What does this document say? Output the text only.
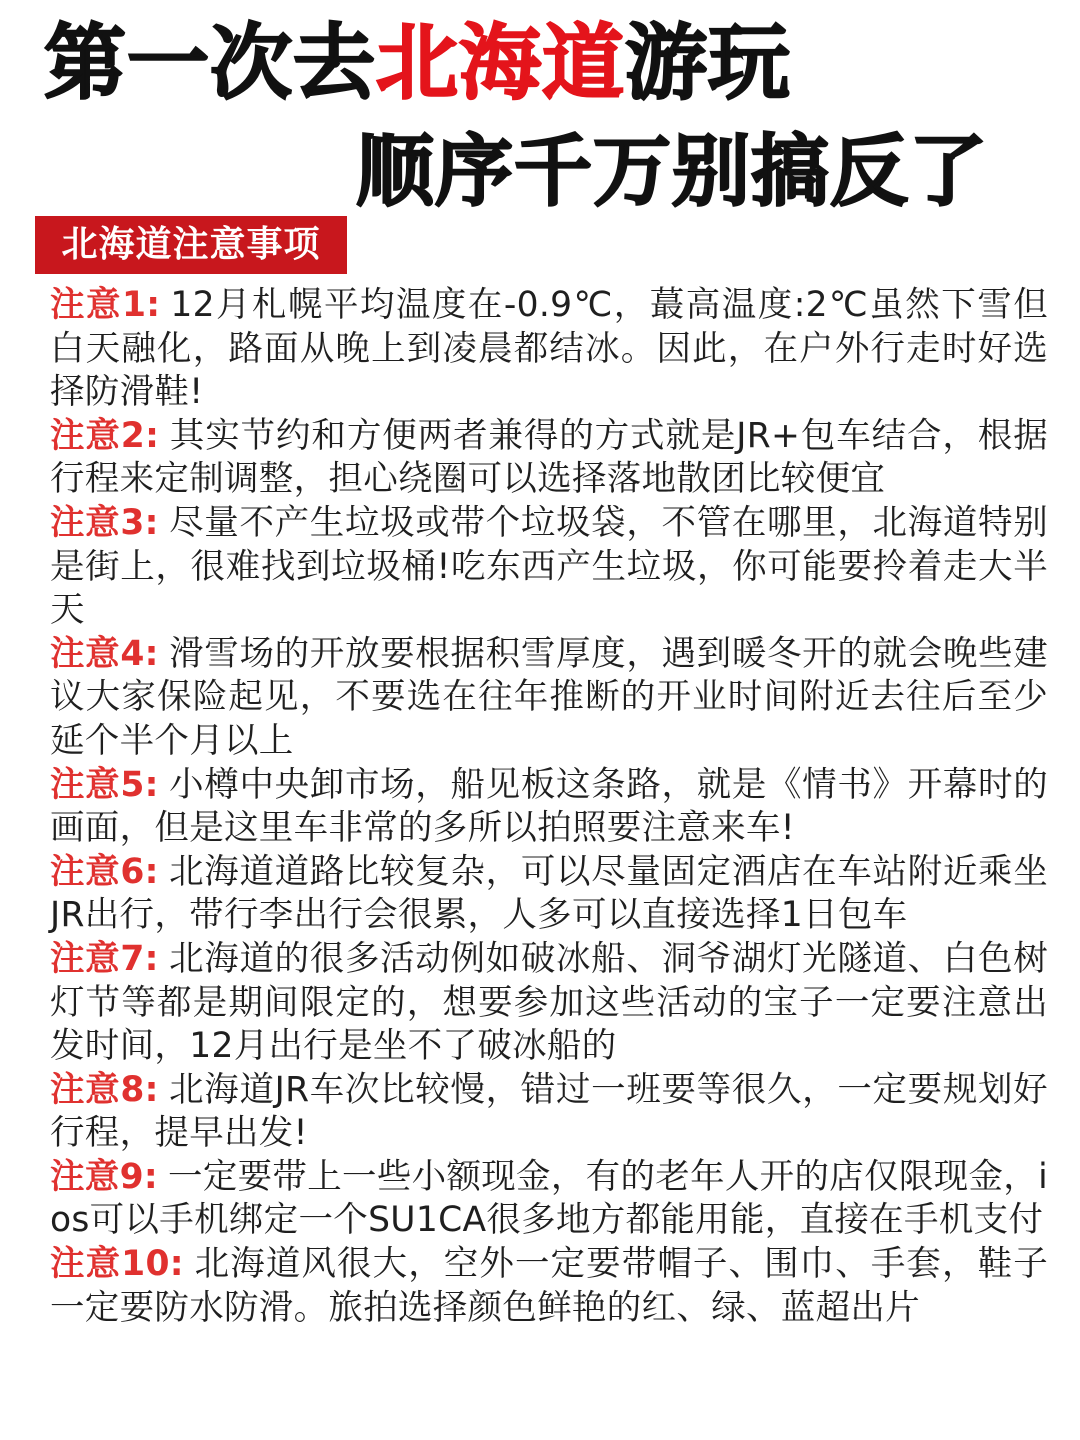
第一次去北海道游玩
顺序千万别搞反了
北海道注意事项
注意1: 12月札幌平均温度在-0.9℃，蕞高温度:2℃虽然下雪但白天融化，路面从晚上到凌晨都结冰。因此，在户外行走时好选择防滑鞋!
注意2: 其实节约和方便两者兼得的方式就是JR+包车结合，根据行程来定制调整，担心绕圈可以选择落地散团比较便宜
注意3: 尽量不产生垃圾或带个垃圾袋，不管在哪里，北海道特别是街上，很难找到垃圾桶!吃东西产生垃圾，你可能要拎着走大半天
注意4: 滑雪场的开放要根据积雪厚度，遇到暖冬开的就会晚些建议大家保险起见，不要选在往年推断的开业时间附近去往后至少延个半个月以上
注意5: 小樽中央卸市场，船见板这条路，就是《情书》开幕时的画面，但是这里车非常的多所以拍照要注意来车!
注意6: 北海道道路比较复杂，可以尽量固定酒店在车站附近乘坐JR出行，带行李出行会很累，人多可以直接选择1日包车
注意7: 北海道的很多活动例如破冰船、洞爷湖灯光隧道、白色树灯节等都是期间限定的，想要参加这些活动的宝子一定要注意出发时间，12月出行是坐不了破冰船的
注意8: 北海道JR车次比较慢，错过一班要等很久，一定要规划好行程，提早出发!
注意9: 一定要带上一些小额现金，有的老年人开的店仅限现金，ios可以手机绑定一个SU1CA很多地方都能用能，直接在手机支付
注意10: 北海道风很大，空外一定要带帽子、围巾、手套，鞋子一定要防水防滑。旅拍选择颜色鲜艳的红、绿、蓝超出片
